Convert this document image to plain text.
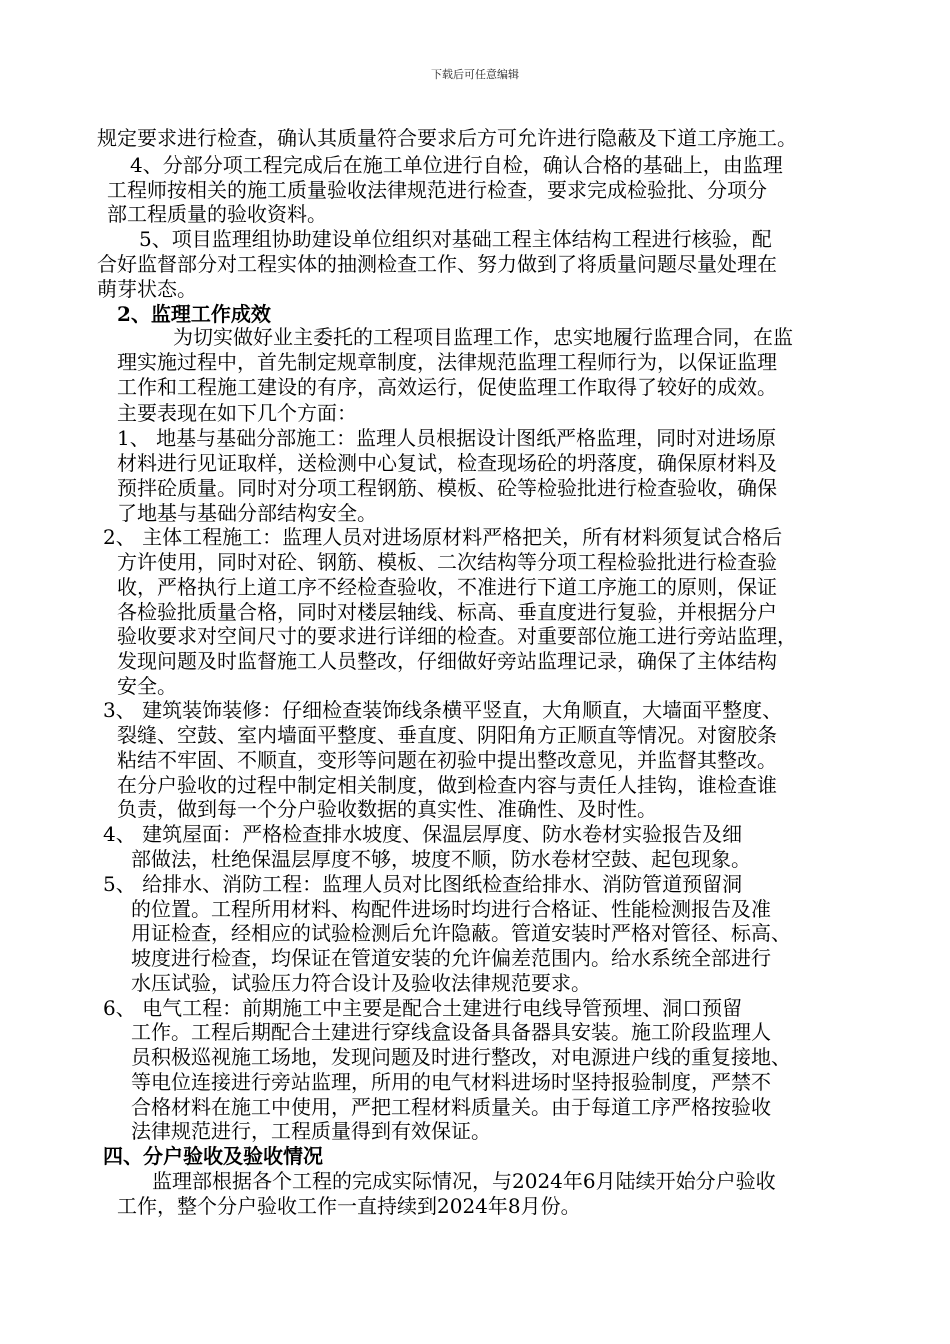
下载后可任意编辑
规定要求进行检查，确认其质量符合要求后方可允许进行隐蔽及下道工序施工。
4、分部分项工程完成后在施工单位进行自检，确认合格的基础上，由监理
工程师按相关的施工质量验收法律规范进行检查，要求完成检验批、分项分
部工程质量的验收资料。
5、项目监理组协助建设单位组织对基础工程主体结构工程进行核验，配
合好监督部分对工程实体的抽测检查工作、努力做到了将质量问题尽量处理在
萌芽状态。
2、监理工作成效
为切实做好业主委托的工程项目监理工作，忠实地履行监理合同，在监
理实施过程中，首先制定规章制度，法律规范监理工程师行为，以保证监理
工作和工程施工建设的有序，高效运行，促使监理工作取得了较好的成效。
主要表现在如下几个方面：
1、 地基与基础分部施工：监理人员根据设计图纸严格监理，同时对进场原
材料进行见证取样，送检测中心复试，检查现场砼的坍落度，确保原材料及
预拌砼质量。同时对分项工程钢筋、模板、砼等检验批进行检查验收，确保
了地基与基础分部结构安全。
2、 主体工程施工：监理人员对进场原材料严格把关，所有材料须复试合格后
方许使用，同时对砼、钢筋、模板、二次结构等分项工程检验批进行检查验
收，严格执行上道工序不经检查验收，不准进行下道工序施工的原则，保证
各检验批质量合格，同时对楼层轴线、标高、垂直度进行复验，并根据分户
验收要求对空间尺寸的要求进行详细的检查。对重要部位施工进行旁站监理，
发现问题及时监督施工人员整改，仔细做好旁站监理记录，确保了主体结构
安全。
3、 建筑装饰装修：仔细检查装饰线条横平竖直，大角顺直，大墙面平整度、
裂缝、空鼓、室内墙面平整度、垂直度、阴阳角方正顺直等情况。对窗胶条
粘结不牢固、不顺直，变形等问题在初验中提出整改意见，并监督其整改。
在分户验收的过程中制定相关制度，做到检查内容与责任人挂钩，谁检查谁
负责，做到每一个分户验收数据的真实性、准确性、及时性。
4、 建筑屋面：严格检查排水坡度、保温层厚度、防水卷材实验报告及细
部做法，杜绝保温层厚度不够，坡度不顺，防水卷材空鼓、起包现象。
5、 给排水、消防工程：监理人员对比图纸检查给排水、消防管道预留洞
的位置。工程所用材料、构配件进场时均进行合格证、性能检测报告及准
用证检查，经相应的试验检测后允许隐蔽。管道安装时严格对管径、标高、
坡度进行检查，均保证在管道安装的允许偏差范围内。给水系统全部进行
水压试验，试验压力符合设计及验收法律规范要求。
6、 电气工程：前期施工中主要是配合土建进行电线导管预埋、洞口预留
工作。工程后期配合土建进行穿线盒设备具备器具安装。施工阶段监理人
员积极巡视施工场地，发现问题及时进行整改，对电源进户线的重复接地、
等电位连接进行旁站监理，所用的电气材料进场时坚持报验制度，严禁不
合格材料在施工中使用，严把工程材料质量关。由于每道工序严格按验收
法律规范进行，工程质量得到有效保证。
四、分户验收及验收情况
监理部根据各个工程的完成实际情况，与2024年6月陆续开始分户验收
工作，整个分户验收工作一直持续到2024年8月份。
